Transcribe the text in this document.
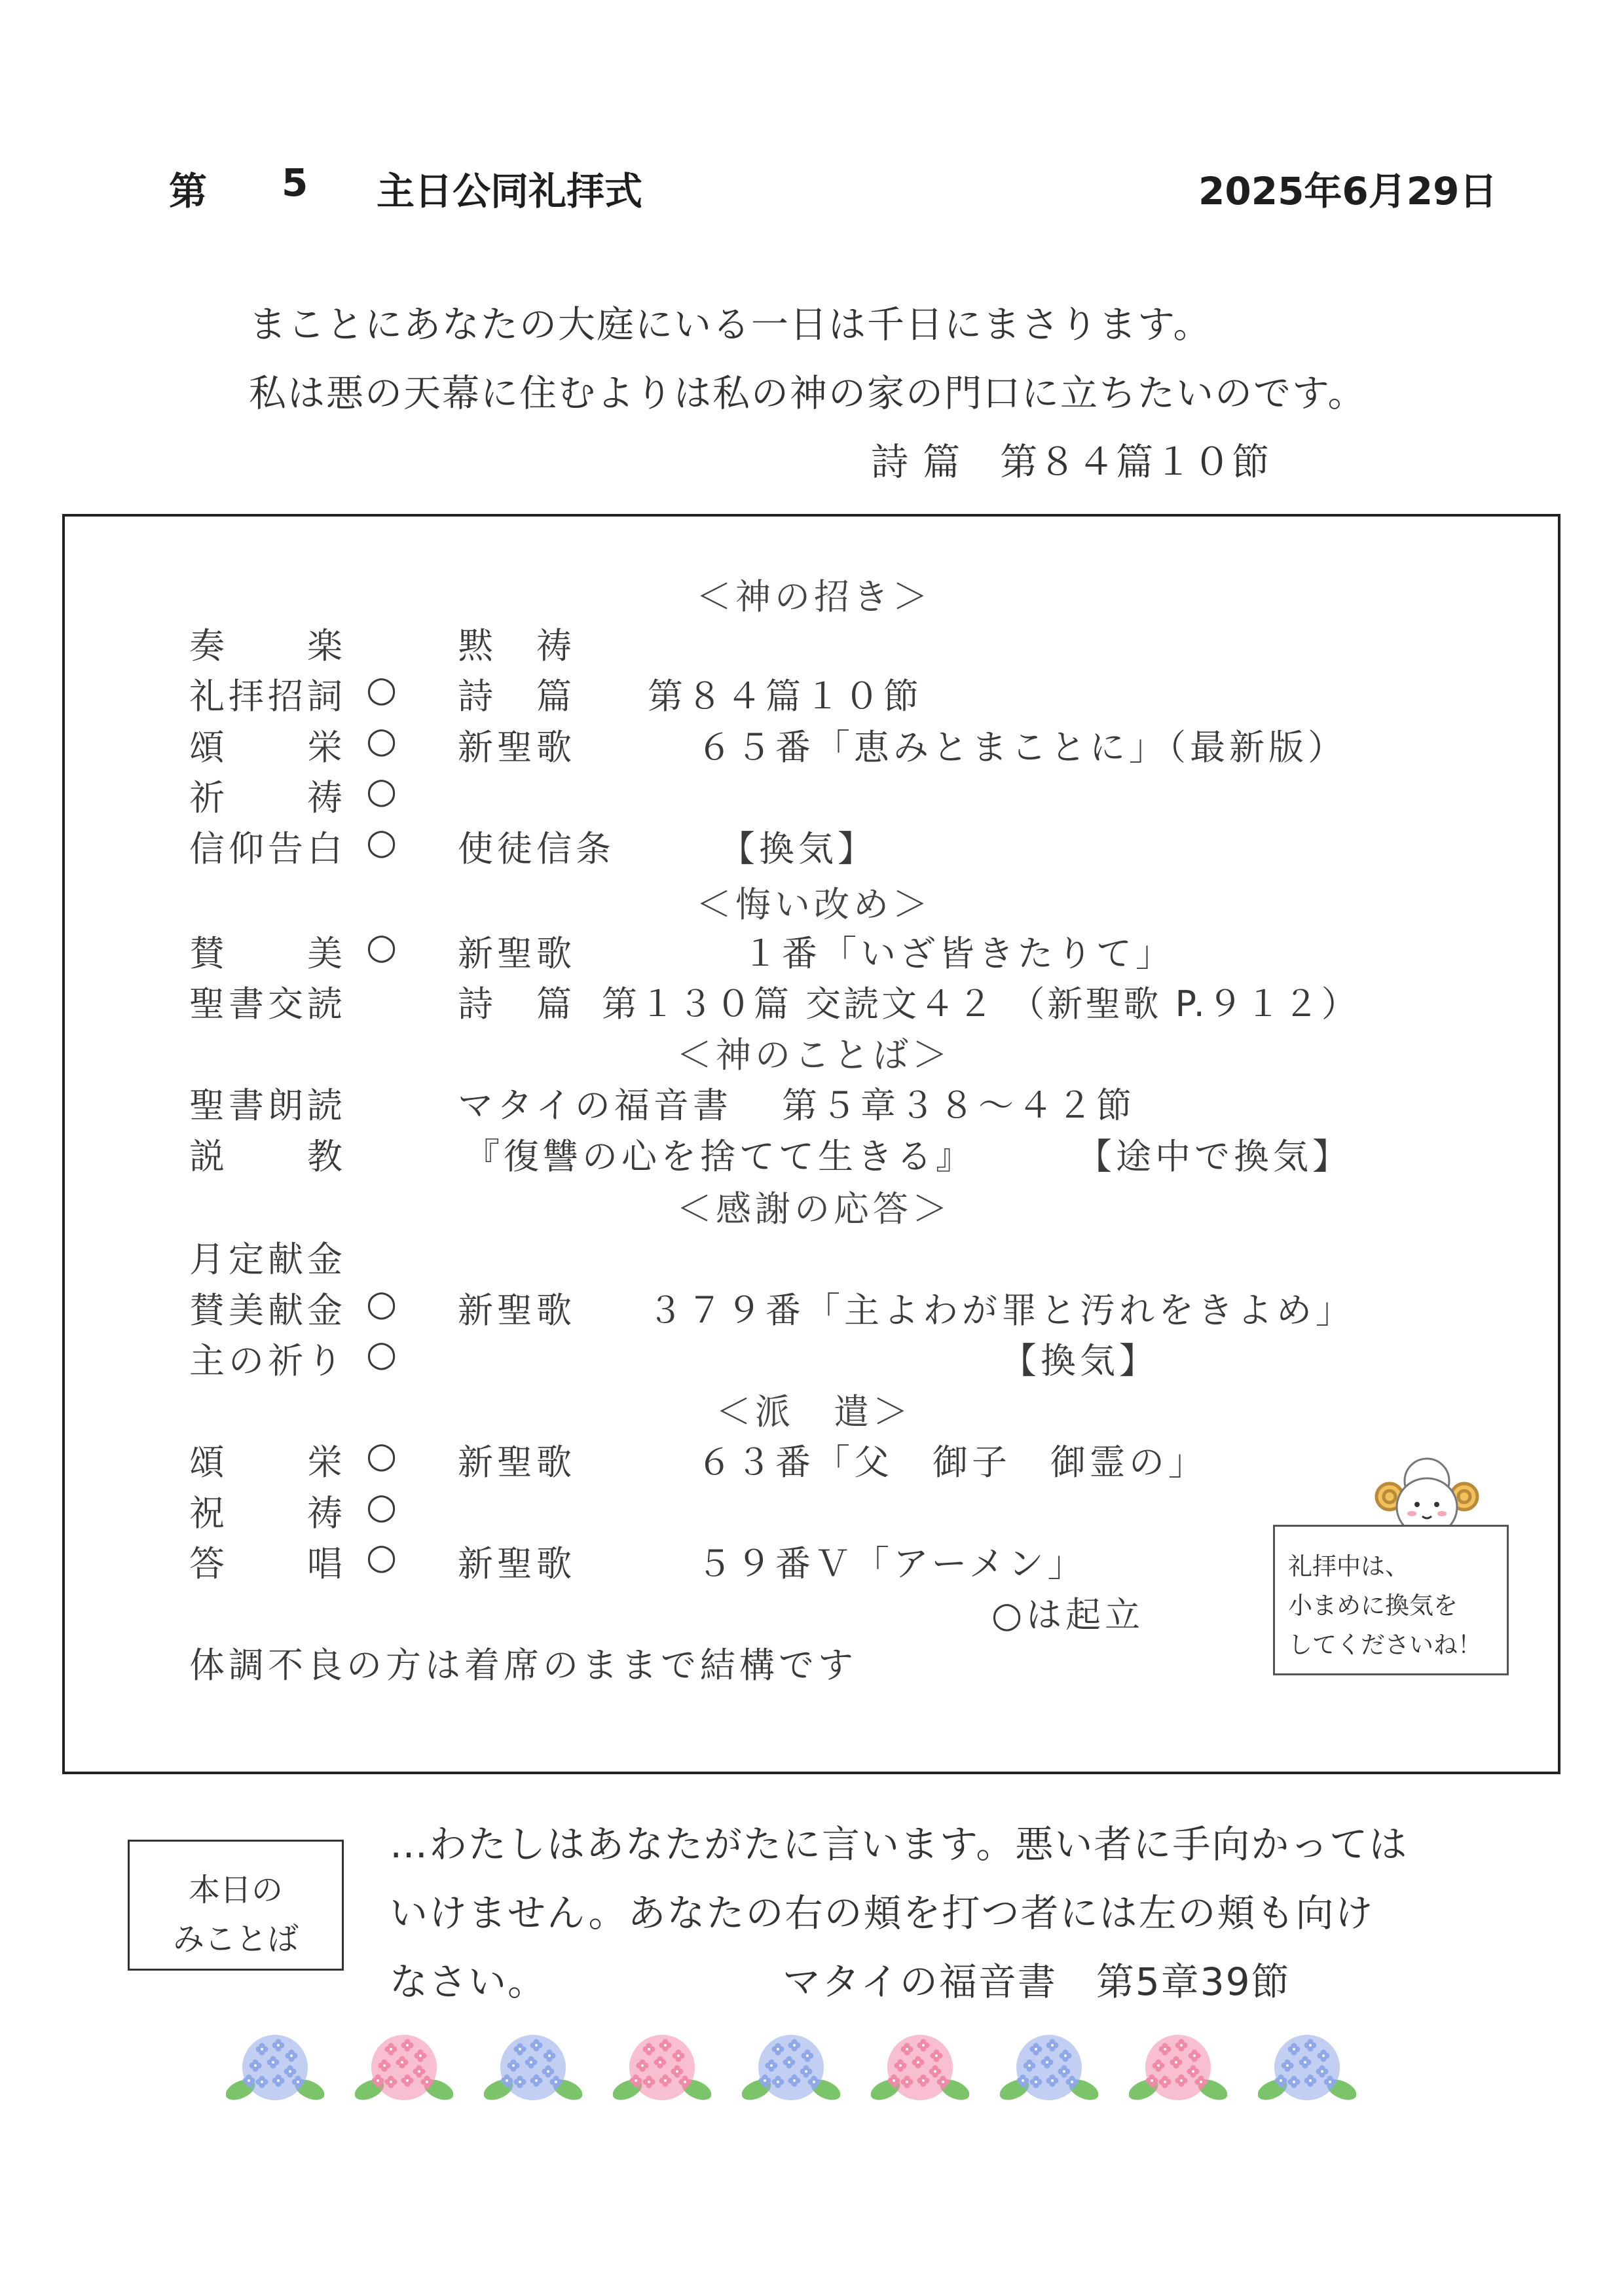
第 5 主日公同礼拝式	2025年6月29日
まことにあなたの大庭にいる一日は千日にまさります。
私は悪の天幕に住むよりは私の神の家の門口に立ちたいのです。
詩 篇　第８４篇１０節
＜神の招き＞
＜悔い改め＞
＜神のことば＞
＜感謝の応答＞
＜派　遣＞
奏　　楽	黙　祷
礼拝招詞 ○ 詩　篇 第８４篇１０節
頌　　栄 ○ 新聖歌	６５番「恵みとまことに」（最新版）
祈　　祷 ○
信仰告白 ○ 使徒信条	【換気】
賛　　美 ○ 新聖歌	１番「いざ皆きたりて」
聖書交読	詩　篇 第１３０篇 交読文４２ （新聖歌 P.９１２）
聖書朗読	マタイの福音書 第５章３８～４２節
説　　教	『復讐の心を捨てて生きる』	【途中で換気】
月定献金
賛美献金 ○ 新聖歌 ３７９番「主よわが罪と汚れをきよめ」
主の祈り ○	【換気】
頌　　栄 ○ 新聖歌	６３番「父　御子　御霊の」
祝　　祷 ○
答　　唱 ○ 新聖歌	５９番Ｖ「アーメン」
○は起立
体調不良の方は着席のままで結構です
礼拝中は、
小まめに換気を
してくださいね！
本日の
みことば
…わたしはあなたがたに言います。悪い者に手向かっては
いけません。あなたの右の頬を打つ者には左の頬も向け
なさい。	マタイの福音書　第5章39節
